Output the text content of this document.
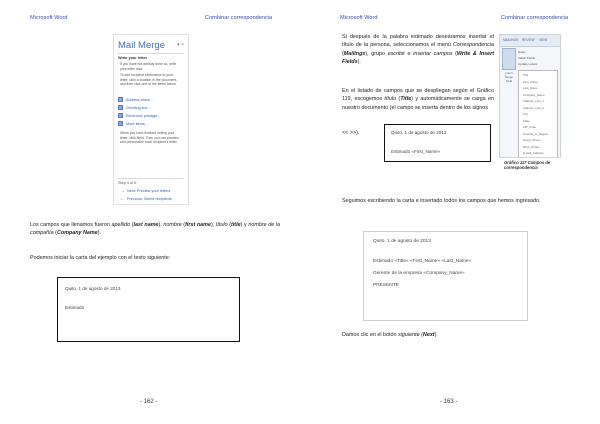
Microsoft Word	Combinar correspondencia
Mail Merge ▾ ×
Write your letter
If you have not already done so, write your letter now.
To add recipient information to your letter, click a location in the document, and then click one of the items below.
Address block...
Greeting line...
Electronic postage...
More items...
When you have finished writing your letter, click Next. Then you can preview and personalize each recipient's letter.
Step 4 of 6
→ Next: Preview your letters
← Previous: Select recipients
Los campos que llenamos fueron apellido (last name), nombre (first name), título (title) y nombre de la compañía (Company Name).
Podemos iniciar la carta del ejemplo con el texto siguiente:
Quito, 1 de agosto de 2013
Estimado
- 162 -
Microsoft Word	Combinar correspondencia
Si después de la palabra estimado deseáramos insertar el título de la persona, seleccionamos el menú Correspondencia (Mailings), grupo escribir e insertar campos (Write & Insert Fields).
En el listado de campos que se despliegan según el Gráfico 119, escogemos título (Title) y automáticamente se carga en nuestro documento (el campo se inserta dentro de los signos
<< >>).	Quito, 1 de agosto de 2013
Estimado «First_Name»
Seguimos escribiendo la carta e insertado todos los campos que hemos ingresado.
Quito, 1 de agosto de 2013
Estimado «Title» «First_Name» «Last_Name»
Gerente de la empresa «Company_Name»
PRESENTE
·········
Damos clic en el botón siguiente (Next).
- 163 -
MAILINGS REVIEW VIEW
Insert Merge Field
Rules
Match Fields
Update Labels
Title
First_Name
Last_Name
Company_Name
Address_Line_1
Address_Line_2
City
State
ZIP_Code
Country_or_Region
Home_Phone
Work_Phone
E-mail_Address
Gráfico 117 Campos de correspondencia
